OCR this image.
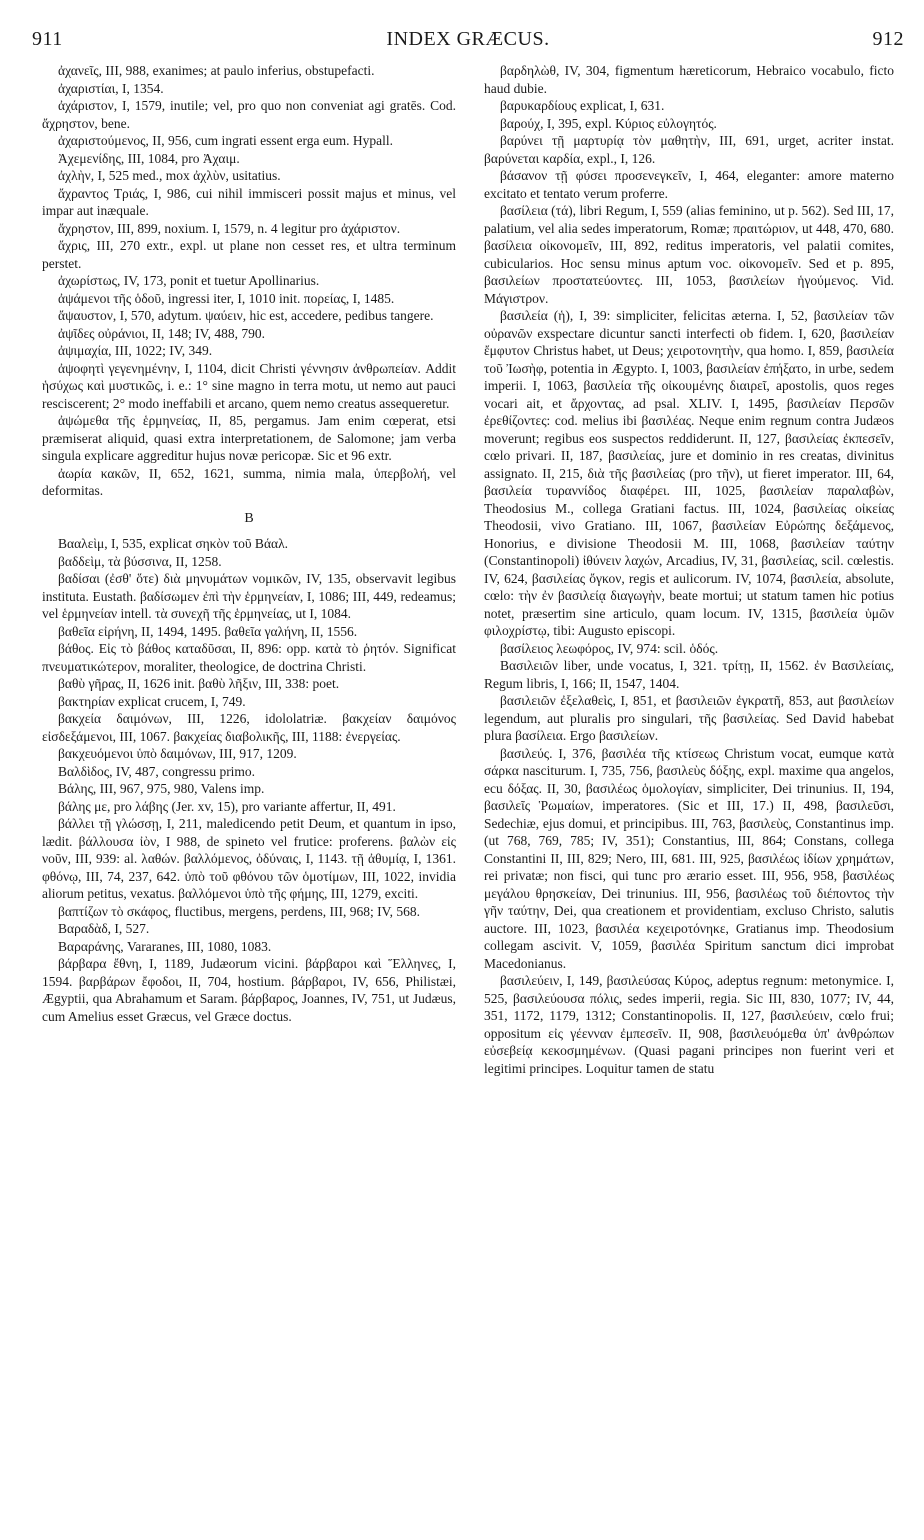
911	INDEX GRÆCUS.	912

ἀχανεῖς, III, 988, exanimes; at paulo inferius, obstupefacti.

ἀχαριστίαι, I, 1354.

ἀχάριστον, I, 1579, inutile; vel, pro quo non conveniat agi gratēs. Cod. ἄχρηστον, bene.

ἀχαριστούμενος, II, 956, cum ingrati essent erga eum. Hypall.

Ἀχεμενίδης, III, 1084, pro Ἀχαιμ.

ἀχλὴν, I, 525 med., mox ἀχλὺν, usitatius.

ἄχραντος Τριάς, I, 986, cui nihil immisceri possit majus et minus, vel impar aut inæquale.

ἄχρηστον, III, 899, noxium. I, 1579, n. 4 legitur pro ἀχάριστον.

ἄχρις, III, 270 extr., expl. ut plane non cesset res, et ultra terminum perstet.

ἀχωρίστως, IV, 173, ponit et tuetur Apollinarius.

ἀψάμενοι τῆς ὁδοῦ, ingressi iter, I, 1010 init. πορείας, I, 1485.

ἄψαυστον, I, 570, adytum. ψαύειν, hic est, accedere, pedibus tangere.

ἀψῖδες οὐράνιοι, II, 148; IV, 488, 790.

ἀψιμαχία, III, 1022; IV, 349.

ἀψοφητὶ γεγενημένην, I, 1104, dicit Christi γέννησιν ἀνθρωπείαν. Addit ἡσύχως καὶ μυστικῶς, i. e.: 1° sine magno in terra motu, ut nemo aut pauci resciscerent; 2° modo ineffabili et arcano, quem nemo creatus assequeretur.

ἀψώμεθα τῆς ἑρμηνείας, II, 85, pergamus. Jam enim cœperat, etsi præmiserat aliquid, quasi extra interpretationem, de Salomone; jam verba singula explicare aggreditur hujus novæ pericopæ. Sic et 96 extr.

ἀωρία κακῶν, II, 652, 1621, summa, nimia mala, ὑπερβολή, vel deformitas.

B

Βααλεὶμ, I, 535, explicat σηκὸν τοῦ Βάαλ.

βαδδεὶμ, τὰ βύσσινα, II, 1258.

βαδίσαι (ἐσθ' ὅτε) διὰ μηνυμάτων νομικῶν, IV, 135, observavit legibus instituta. Eustath. βαδίσωμεν ἐπὶ τὴν ἑρμηνείαν, I, 1086; III, 449, redeamus; vel ἑρμηνείαν intell. τὰ συνεχῆ τῆς ἑρμηνείας, ut I, 1084.

βαθεῖα εἰρήνη, II, 1494, 1495. βαθεῖα γαλήνη, II, 1556.

βάθος. Εἰς τὸ βάθος καταδῦσαι, II, 896: opp. κατὰ τὸ ῥητόν. Significat πνευματικώτερον, moraliter, theologice, de doctrina Christi.

βαθὺ γῆρας, II, 1626 init. βαθὺ λῆξιν, III, 338: poet.

βακτηρίαν explicat crucem, I, 749.

βακχεία δαιμόνων, III, 1226, idololatriæ. βακχείαν δαιμόνος εἰσδεξάμενοι, III, 1067. βακχείας διαβολικῆς, III, 1188: ἐνεργείας.

βακχευόμενοι ὑπὸ δαιμόνων, III, 917, 1209.

Βαλδὶδος, IV, 487, congressu primo.

Βάλης, III, 967, 975, 980, Valens imp.

βάλης με, pro λάβης (Jer. xv, 15), pro variante affertur, II, 491.

βάλλει τῇ γλώσσῃ, I, 211, maledicendo petit Deum, et quantum in ipso, lædit. βάλλουσα ἰὸν, I 988, de spineto vel frutice: proferens. βαλὼν εἰς νοῦν, III, 939: al. λαθών. βαλλόμενος, ὀδύναις, I, 1143. τῇ ἀθυμίᾳ, I, 1361. φθόνῳ, III, 74, 237, 642. ὑπὸ τοῦ φθόνου τῶν ὁμοτίμων, III, 1022, invidia aliorum petitus, vexatus. βαλλόμενοι ὑπὸ τῆς φήμης, III, 1279, exciti.

βαπτίζων τὸ σκάφος, fluctibus, mergens, perdens, III, 968; IV, 568.

Βαραδὰδ, I, 527.

Βαραράνης, Vararanes, III, 1080, 1083.

βάρβαρα ἔθνη, I, 1189, Judæorum vicini. βάρβαροι καὶ Ἕλληνες, I, 1594. βαρβάρων ἔφοδοι, II, 704, hostium. βάρβαροι, IV, 656, Philistæi, Ægyptii, qua Abrahamum et Saram. βάρβαρος, Joannes, IV, 751, ut Judæus, cum Amelius esset Græcus, vel Græce doctus.

βαρδηλὼθ, IV, 304, figmentum hæreticorum, Hebraico vocabulo, ficto haud dubie.

βαρυκαρδίους explicat, I, 631.

βαρούχ, I, 395, expl. Κύριος εὐλογητός.

βαρύνει τῇ μαρτυρίᾳ τὸν μαθητὴν, III, 691, urget, acriter instat. βαρύνεται καρδία, expl., I, 126.

βάσανον τῇ φύσει προσενεγκεῖν, I, 464, eleganter: amore materno excitato et tentato verum proferre.

βασίλεια (τά), libri Regum, I, 559 (alias feminino, ut p. 562). Sed III, 17, palatium, vel alia sedes imperatorum, Romæ; πραιτώριον, ut 448, 470, 680. βασίλεια οἰκονομεῖν, III, 892, reditus imperatoris, vel palatii comites, cubicularios. Hoc sensu minus aptum voc. οἰκονομεῖν. Sed et p. 895, βασιλείων προστατεύοντες. III, 1053, βασιλείων ἡγούμενος. Vid. Μάγιστρον.

βασιλεία (ἡ), I, 39: simpliciter, felicitas æterna. I, 52, βασιλείαν τῶν οὐρανῶν exspectare dicuntur sancti interfecti ob fidem. I, 620, βασιλείαν ἔμφυτον Christus habet, ut Deus; χειροτονητὴν, qua homo. I, 859, βασιλεία τοῦ Ἰωσὴφ, potentia in Ægypto. I, 1003, βασιλείαν ἐπήξατο, in urbe, sedem imperii. I, 1063, βασιλεία τῆς οἰκουμένης διαιρεῖ, apostolis, quos reges vocari ait, et ἄρχοντας, ad psal. XLIV. I, 1495, βασιλείαν Περσῶν ἐρεθίζοντες: cod. melius ibi βασιλέας. Neque enim regnum contra Judæos moverunt; regibus eos suspectos reddiderunt. II, 127, βασιλείας ἐκπεσεῖν, cœlo privari. II, 187, βασιλείας, jure et dominio in res creatas, divinitus assignato. II, 215, διὰ τῆς βασιλείας (pro τῆν), ut fieret imperator. III, 64, βασιλεία τυραννίδος διαφέρει. III, 1025, βασιλείαν παραλαβὼν, Theodosius M., collega Gratiani factus. III, 1024, βασιλείας οἰκείας Theodosii, vivo Gratiano. III, 1067, βασιλείαν Εὐρώπης δεξάμενος, Honorius, e divisione Theodosii M. III, 1068, βασιλείαν ταύτην (Constantinopoli) ἰθύνειν λαχών, Arcadius, IV, 31, βασιλείας, scil. cœlestis. IV, 624, βασιλείας ὄγκον, regis et aulicorum. IV, 1074, βασιλεία, absolute, cœlo: τὴν ἐν βασιλείᾳ διαγωγὴν, beate mortui; ut statum tamen hic potius notet, præsertim sine articulo, quam locum. IV, 1315, βασιλεία ὑμῶν φιλοχρίστῳ, tibi: Augusto episcopi.

βασίλειος λεωφόρος, IV, 974: scil. ὁδός.

Βασιλειῶν liber, unde vocatus, I, 321. τρίτῃ, II, 1562. ἐν Βασιλείαις, Regum libris, I, 166; II, 1547, 1404.

βασιλειῶν ἐξελαθεὶς, I, 851, et βασιλειῶν ἐγκρατῆ, 853, aut βασιλείων legendum, aut pluralis pro singulari, τῆς βασιλείας. Sed David habebat plura βασίλεια. Ergo βασιλείων.

βασιλεύς. I, 376, βασιλέα τῆς κτίσεως Christum vocat, eumque κατὰ σάρκα nasciturum. I, 735, 756, βασιλεὺς δόξης, expl. maxime qua angelos, ecu δόξας. II, 30, βασιλέως ὁμολογίαν, simpliciter, Dei trinunius. II, 194, βασιλεῖς Ῥωμαίων, imperatores. (Sic et III, 17.) II, 498, βασιλεῦσι, Sedechiæ, ejus domui, et principibus. III, 763, βασιλεὺς, Constantinus imp. (ut 768, 769, 785; IV, 351); Constantius, III, 864; Constans, collega Constantini II, III, 829; Nero, III, 681. III, 925, βασιλέως ἰδίων χρημάτων, rei privatæ; non fisci, qui tunc pro ærario esset. III, 956, 958, βασιλέως μεγάλου θρησκείαν, Dei trinunius. III, 956, βασιλέως τοῦ διέποντος τὴν γῆν ταύτην, Dei, qua creationem et providentiam, excluso Christo, salutis auctore. III, 1023, βασιλέα κεχειροτόνηκε, Gratianus imp. Theodosium collegam ascivit. V, 1059, βασιλέα Spiritum sanctum dici improbat Macedonianus.

βασιλεύειν, I, 149, βασιλεύσας Κύρος, adeptus regnum: metonymice. I, 525, βασιλεύουσα πόλις, sedes imperii, regia. Sic III, 830, 1077; IV, 44, 351, 1172, 1179, 1312; Constantinopolis. II, 127, βασιλεύειν, cœlo frui; oppositum εἰς γέενναν ἐμπεσεῖν. II, 908, βασιλευόμεθα ὑπ' ἀνθρώπων εὐσεβείᾳ κεκοσμημένων. (Quasi pagani principes non fuerint veri et legitimi principes. Loquitur tamen de statu
